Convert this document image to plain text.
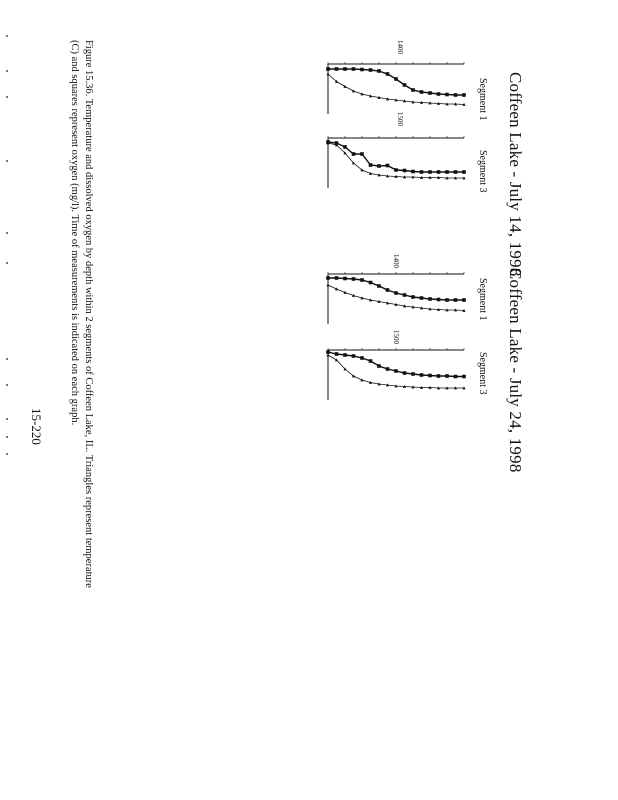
Coffeen Lake - July 14, 1998
Coffeen Lake - July 24, 1998
Figure 15.36. Temperature and dissolved oxygen by depth within 2 segments of Coffeen Lake, IL. Triangles represent temperature
(C) and squares represent oxygen (mg/l). Time of measurements is indicated on each graph.
15-220
Segment 1
Segment 3
Segment 1
Segment 3
1400
1500
1400
1500
